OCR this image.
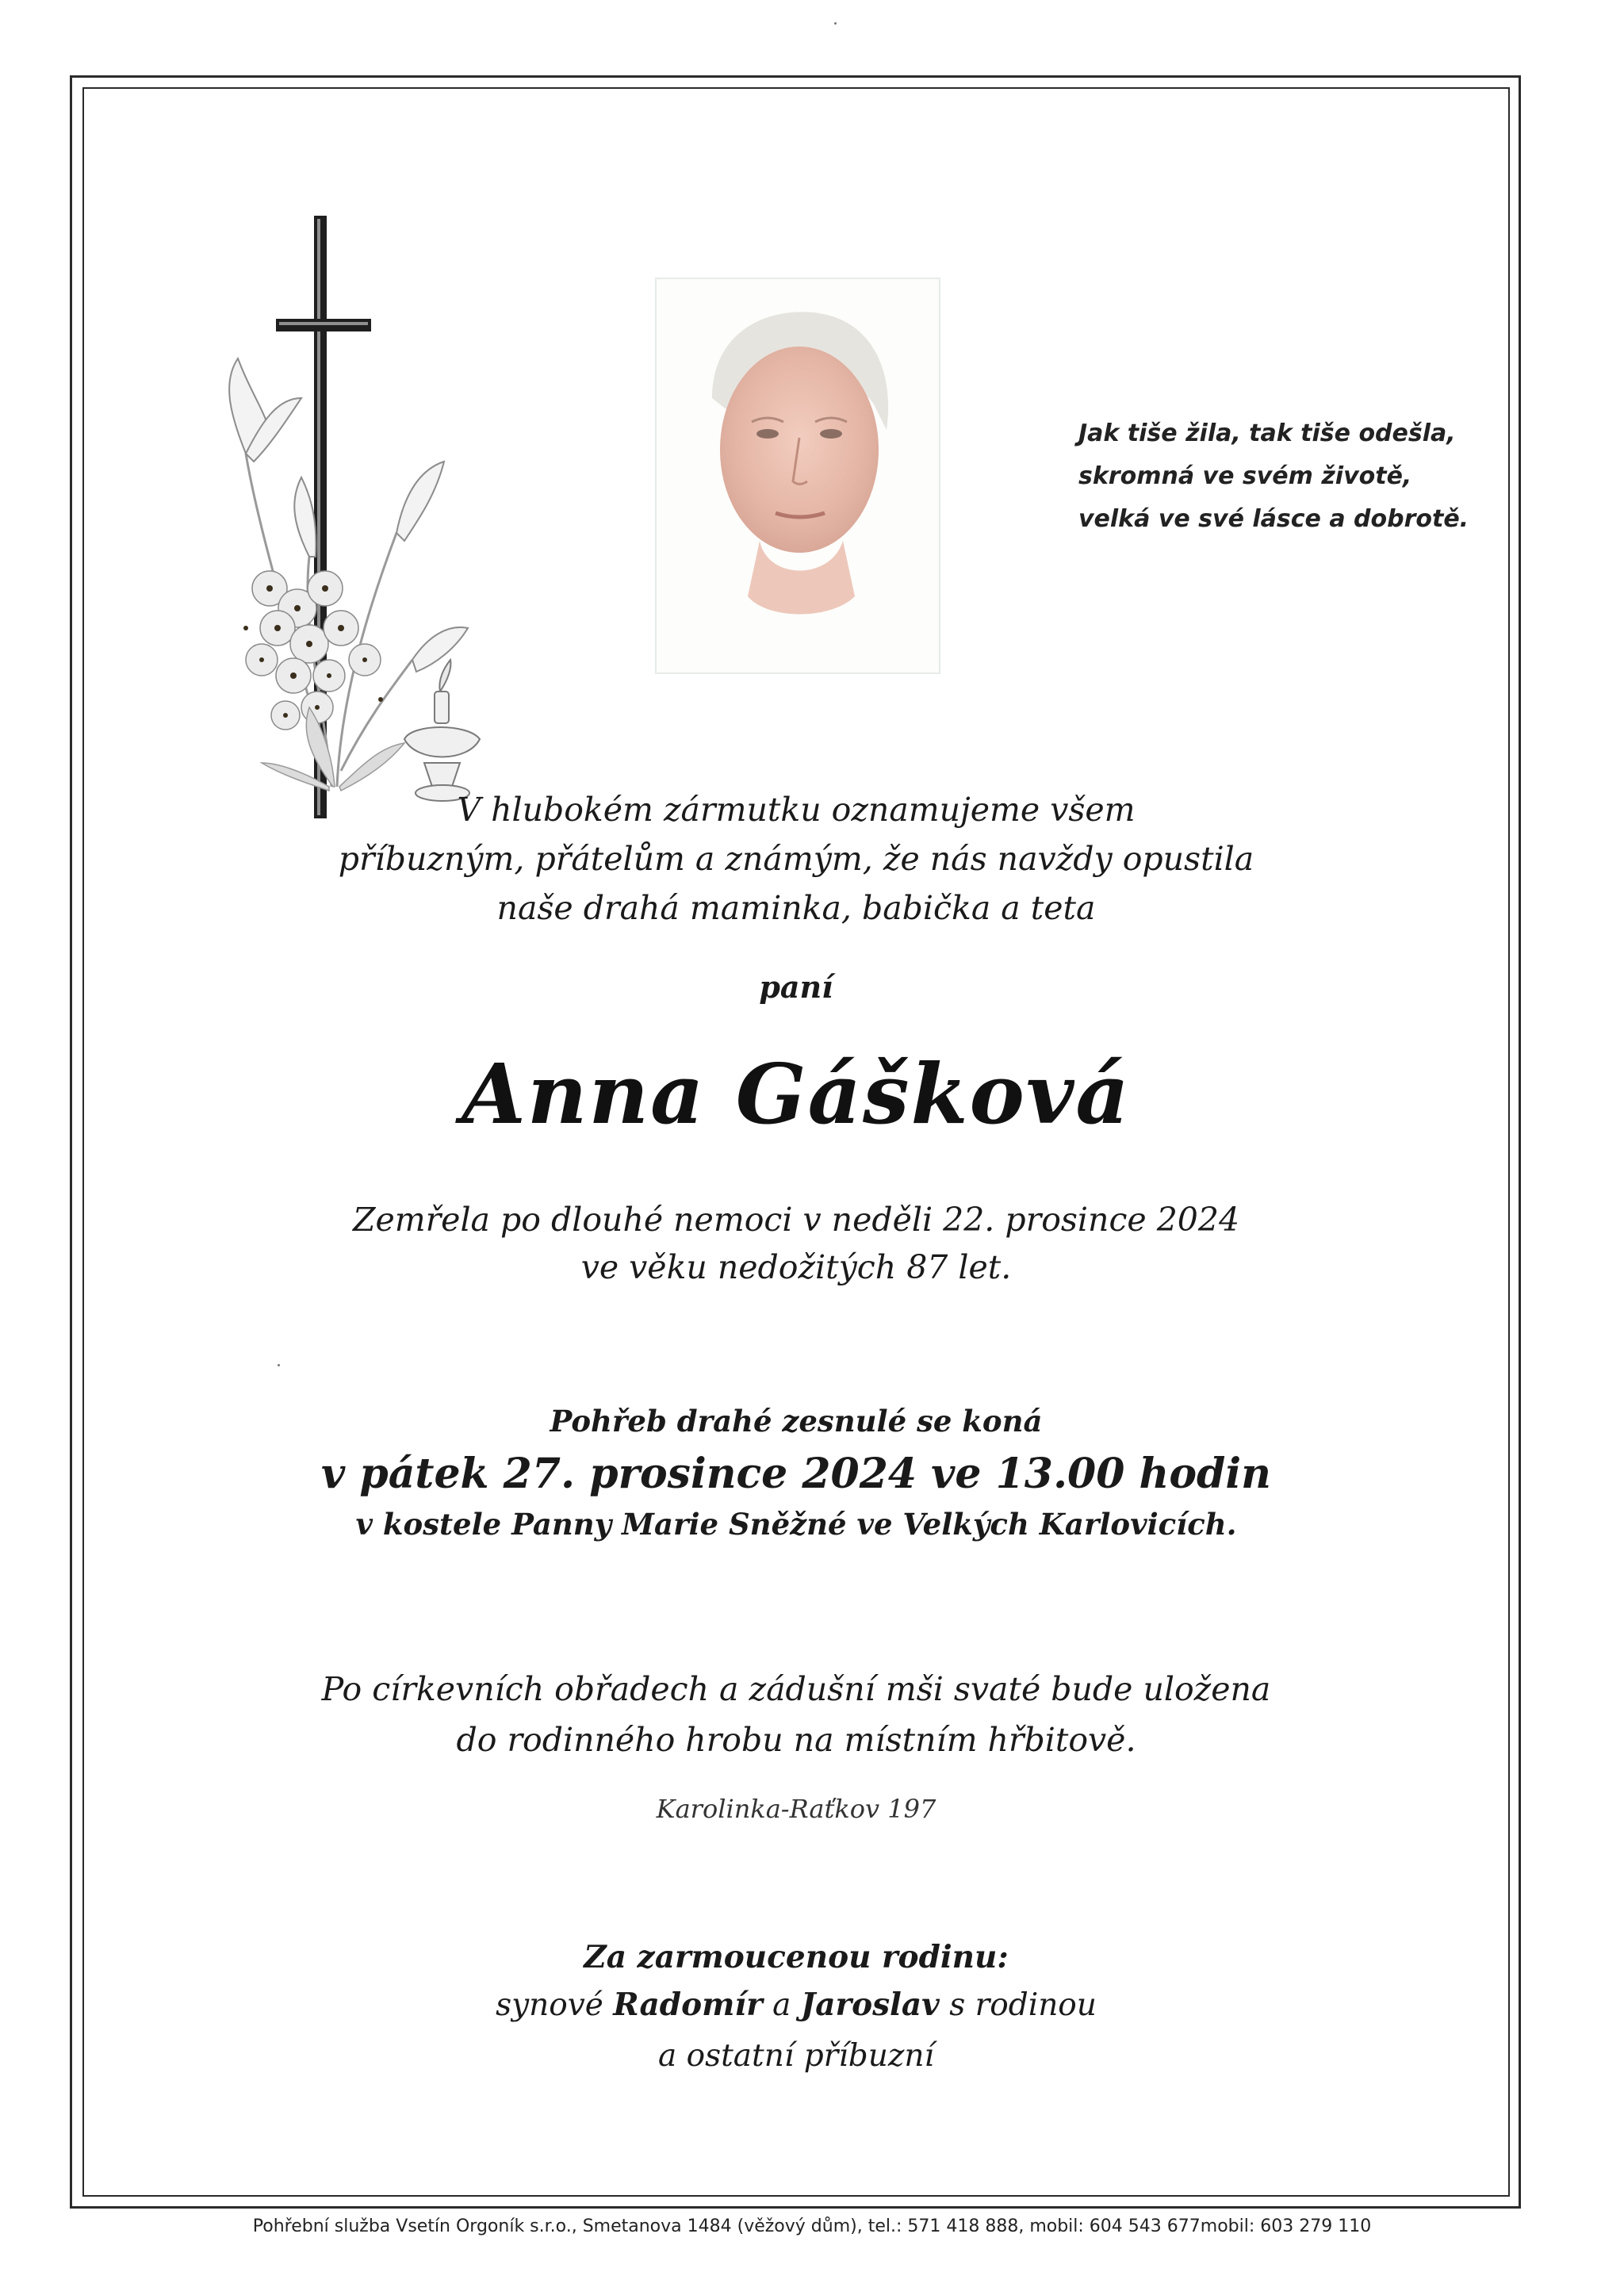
Jak tiše žila, tak tiše odešla,
skromná ve svém životě,
velká ve své lásce a dobrotě.
V hlubokém zármutku oznamujeme všem
příbuzným, přátelům a známým, že nás navždy opustila
naše drahá maminka, babička a teta
paní
Anna Gášková
Zemřela po dlouhé nemoci v neděli 22. prosince 2024
ve věku nedožitých 87 let.
Pohřeb drahé zesnulé se koná
v pátek 27. prosince 2024 ve 13.00 hodin
v kostele Panny Marie Sněžné ve Velkých Karlovicích.
Po církevních obřadech a zádušní mši svaté bude uložena
do rodinného hrobu na místním hřbitově.
Karolinka-Raťkov 197
Za zarmoucenou rodinu:
synové Radomír a Jaroslav s rodinou
a ostatní příbuzní
Pohřební služba Vsetín Orgoník s.r.o., Smetanova 1484 (věžový dům), tel.: 571 418 888, mobil: 604 543 677mobil: 603 279 110
